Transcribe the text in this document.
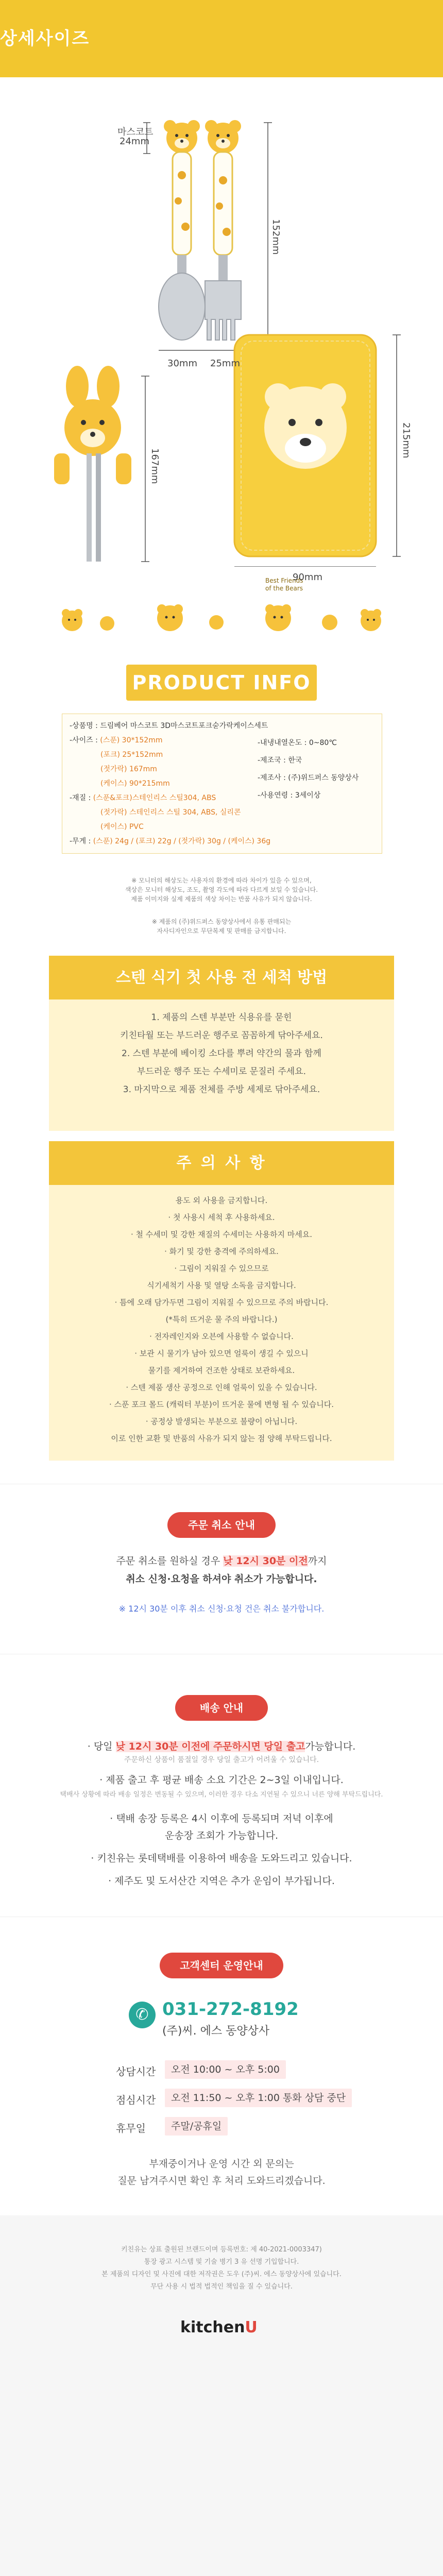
상세사이즈
마스코트
24mm
152mm
30mm 25mm
167mm
215mm
Best Friends
of the Bears
90mm
PRODUCT INFO
-상품명 : 드림베어 마스코트 3D마스코트포크숟가락케이스세트
-사이즈 : (스푼) 30*152mm
(포크) 25*152mm
(젓가락) 167mm
(케이스) 90*215mm
-재질 : (스푼&포크)스테인리스 스틸304, ABS
(젓가락) 스테인리스 스틸 304, ABS, 실리콘
(케이스) PVC
-무게 : (스푼) 24g / (포크) 22g / (젓가락) 30g / (케이스) 36g
-내냉내열온도 : 0~80℃
-제조국 : 한국
-제조사 : (주)위드퍼스 동양상사
-사용연령 : 3세이상
※ 모니터의 해상도는 사용자의 환경에 따라 차이가 있을 수 있으며,
색상은 모니터 해상도, 조도, 촬영 각도에 따라 다르게 보일 수 있습니다.
제품 이미지와 실제 제품의 색상 차이는 반품 사유가 되지 않습니다.
※ 제품의 (주)위드퍼스 동양상사에서 유통 판매되는
자사디자인으로 무단복제 및 판매를 금지합니다.
스텐 식기 첫 사용 전 세척 방법
1. 제품의 스텐 부분만 식용유를 묻힌
키친타월 또는 부드러운 행주로 꼼꼼하게 닦아주세요.
2. 스텐 부분에 베이킹 소다를 뿌려 약간의 물과 함께
부드러운 행주 또는 수세미로 문질러 주세요.
3. 마지막으로 제품 전체를 주방 세제로 닦아주세요.
주 의 사 항
용도 외 사용을 금지합니다.
· 첫 사용시 세척 후 사용하세요.
· 철 수세미 및 강한 재질의 수세미는 사용하지 마세요.
· 화기 및 강한 충격에 주의하세요.
· 그림이 지워질 수 있으므로
식기세척기 사용 및 열탕 소독을 금지합니다.
· 틈에 오래 담가두면 그림이 지워질 수 있으므로 주의 바랍니다.
(*특히 뜨거운 물 주의 바랍니다.)
· 전자레인지와 오븐에 사용할 수 없습니다.
· 보관 시 물기가 남아 있으면 얼룩이 생길 수 있으니
물기를 제거하여 건조한 상태로 보관하세요.
· 스텐 제품 생산 공정으로 인해 얼룩이 있을 수 있습니다.
· 스푼 포크 몰드 (캐릭터 부분)이 뜨거운 물에 변형 될 수 있습니다.
· 공정상 발생되는 부분으로 불량이 아닙니다.
이로 인한 교환 및 반품의 사유가 되지 않는 점 양해 부탁드립니다.
주문 취소 안내
주문 취소를 원하실 경우 낮 12시 30분 이전까지
취소 신청·요청을 하셔야 취소가 가능합니다.
※ 12시 30분 이후 취소 신청·요청 건은 취소 불가합니다.
배송 안내
· 당일 낮 12시 30분 이전에 주문하시면 당일 출고가능합니다.
주문하신 상품이 품절일 경우 당일 출고가 어려울 수 있습니다.
· 제품 출고 후 평균 배송 소요 기간은 2~3일 이내입니다.
택배사 상황에 따라 배송 일정은 변동될 수 있으며, 이러한 경우 다소 지연될 수 있으니 너른 양해 부탁드립니다.
· 택배 송장 등록은 4시 이후에 등록되며 저녁 이후에
운송장 조회가 가능합니다.
· 키친유는 롯데택배를 이용하여 배송을 도와드리고 있습니다.
· 제주도 및 도서산간 지역은 추가 운임이 부가됩니다.
고객센터 운영안내
✆ 031-272-8192
(주)씨. 에스 동양상사
상담시간	오전 10:00 ~ 오후 5:00
점심시간	오전 11:50 ~ 오후 1:00 통화 상담 중단
휴무일	주말/공휴일
부재중이거나 운영 시간 외 문의는
질문 남겨주시면 확인 후 처리 도와드리겠습니다.
키친유는 상표 출원된 브랜드이며 등록번호: 제 40-2021-0003347)
통장 광고 시스템 및 기술 병기 3 유 선명 기입합니다.
본 제품의 디자인 및 사진에 대한 저작권은 도우 (주)씨. 에스 동양상사에 있습니다.
무단 사용 시 법적 법적인 책임을 질 수 있습니다.
kitchenU
